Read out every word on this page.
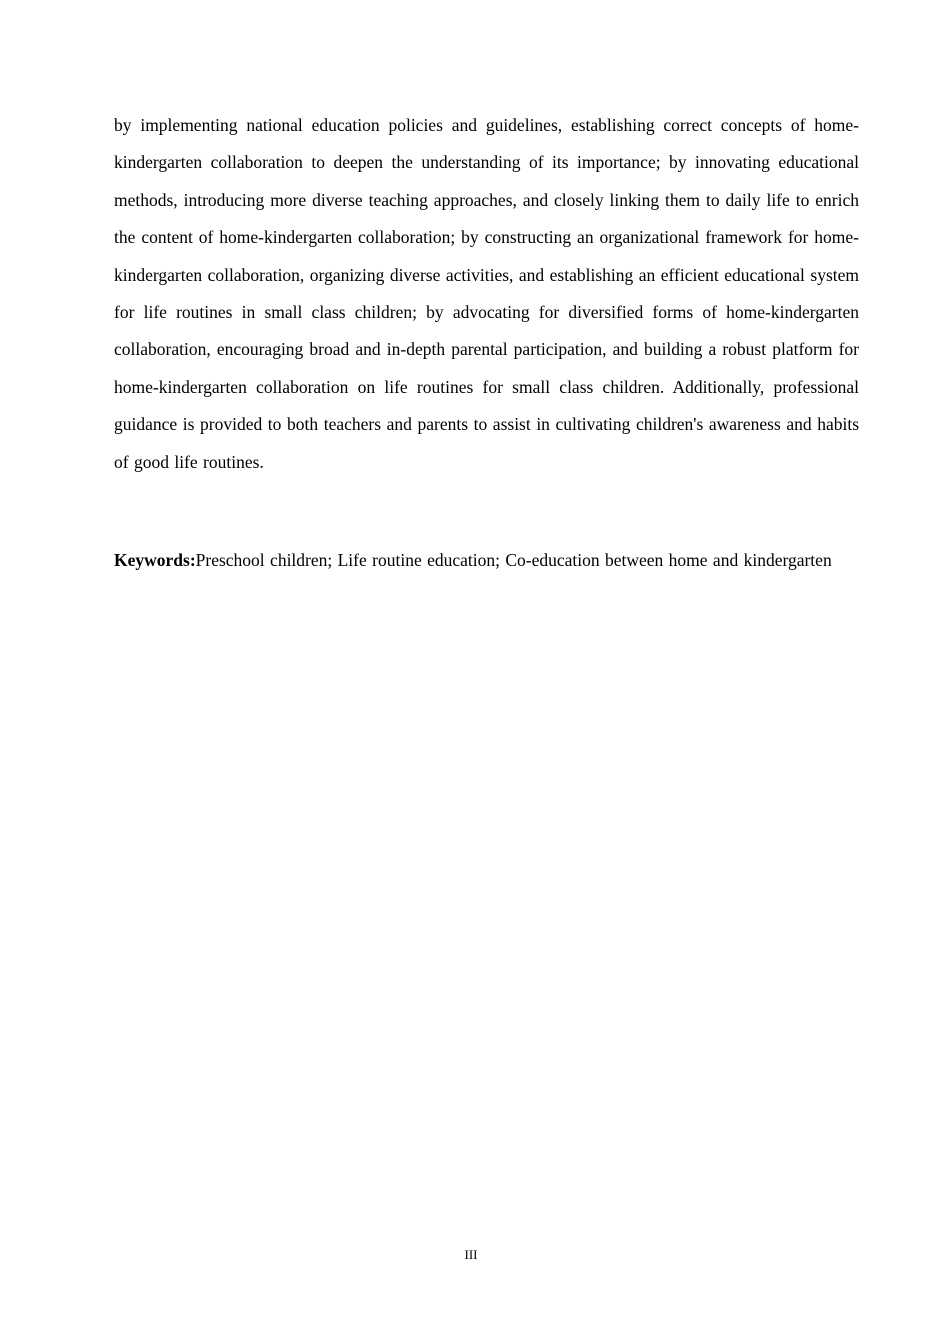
by implementing national education policies and guidelines, establishing correct concepts of home-kindergarten collaboration to deepen the understanding of its importance; by innovating educational methods, introducing more diverse teaching approaches, and closely linking them to daily life to enrich the content of home-kindergarten collaboration; by constructing an organizational framework for home-kindergarten collaboration, organizing diverse activities, and establishing an efficient educational system for life routines in small class children; by advocating for diversified forms of home-kindergarten collaboration, encouraging broad and in-depth parental participation, and building a robust platform for home-kindergarten collaboration on life routines for small class children. Additionally, professional guidance is provided to both teachers and parents to assist in cultivating children's awareness and habits of good life routines.

Keywords:Preschool children; Life routine education; Co-education between home and kindergarten

III
